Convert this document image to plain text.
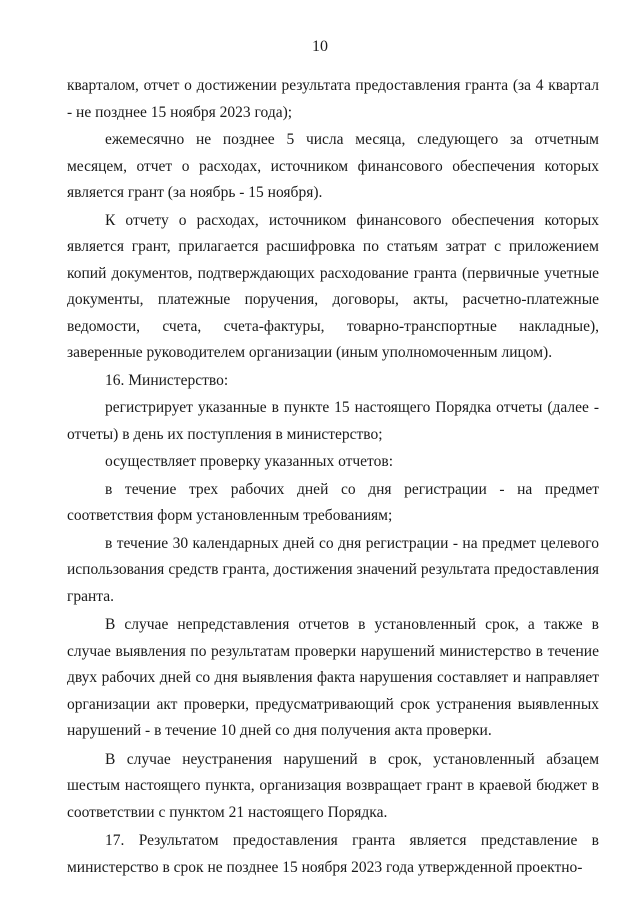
10

кварталом, отчет о достижении результата предоставления гранта (за 4 квартал - не позднее 15 ноября 2023 года);

ежемесячно не позднее 5 числа месяца, следующего за отчетным месяцем, отчет о расходах, источником финансового обеспечения которых является грант (за ноябрь - 15 ноября).

К отчету о расходах, источником финансового обеспечения которых является грант, прилагается расшифровка по статьям затрат с приложением копий документов, подтверждающих расходование гранта (первичные учетные документы, платежные поручения, договоры, акты, расчетно-платежные ведомости, счета, счета-фактуры, товарно-транспортные накладные), заверенные руководителем организации (иным уполномоченным лицом).

16. Министерство:

регистрирует указанные в пункте 15 настоящего Порядка отчеты (далее - отчеты) в день их поступления в министерство;

осуществляет проверку указанных отчетов:

в течение трех рабочих дней со дня регистрации - на предмет соответствия форм установленным требованиям;

в течение 30 календарных дней со дня регистрации - на предмет целевого использования средств гранта, достижения значений результата предоставления гранта.

В случае непредставления отчетов в установленный срок, а также в случае выявления по результатам проверки нарушений министерство в течение двух рабочих дней со дня выявления факта нарушения составляет и направляет организации акт проверки, предусматривающий срок устранения выявленных нарушений - в течение 10 дней со дня получения акта проверки.

В случае неустранения нарушений в срок, установленный абзацем шестым настоящего пункта, организация возвращает грант в краевой бюджет в соответствии с пунктом 21 настоящего Порядка.

17. Результатом предоставления гранта является представление в министерство в срок не позднее 15 ноября 2023 года утвержденной проектно-
